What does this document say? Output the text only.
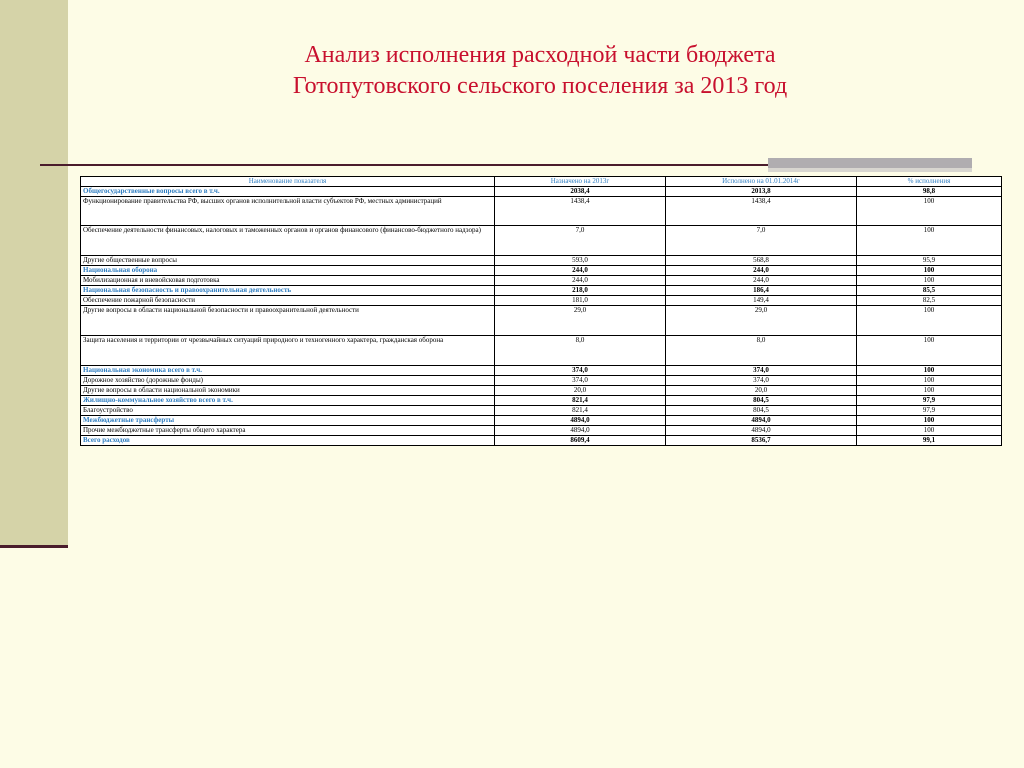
Анализ исполнения расходной части бюджета
Готопутовского сельского поселения за 2013 год
Наименование показателя	Назначено на 2013г	Исполнено на 01.01.2014г	% исполнения
Общегосударственные вопросы всего в т.ч.	2038,4	2013,8	98,8
Функционирование правительства РФ, высших органов исполнительной власти субъектов РФ, местных администраций	1438,4	1438,4	100
Обеспечение деятельности финансовых, налоговых и таможенных органов и органов финансового (финансово-бюджетного надзора)	7,0	7,0	100
Другие общественные вопросы	593,0	568,8	95,9
Национальная оборона	244,0	244,0	100
Мобилизационная и вневойсковая подготовка	244,0	244,0	100
Национальная безопасность и правоохранительная деятельность	218,0	186,4	85,5
Обеспечение пожарной безопасности	181,0	149,4	82,5
Другие вопросы в области национальной безопасности и правоохранительной деятельности	29,0	29,0	100
Защита населения и территории от чрезвычайных ситуаций природного и техногенного характера, гражданская оборона	8,0	8,0	100
Национальная экономика всего в т.ч.	374,0	374,0	100
Дорожное хозяйство (дорожные фонды)	374,0	374,0	100
Другие вопросы в области национальной экономики	20,0	20,0	100
Жилищно-коммунальное хозяйство всего в т.ч.	821,4	804,5	97,9
Благоустройство	821,4	804,5	97,9
Межбюджетные трансферты	4894,0	4894,0	100
Прочие межбюджетные трансферты общего характера	4894,0	4894,0	100
Всего расходов	8609,4	8536,7	99,1
